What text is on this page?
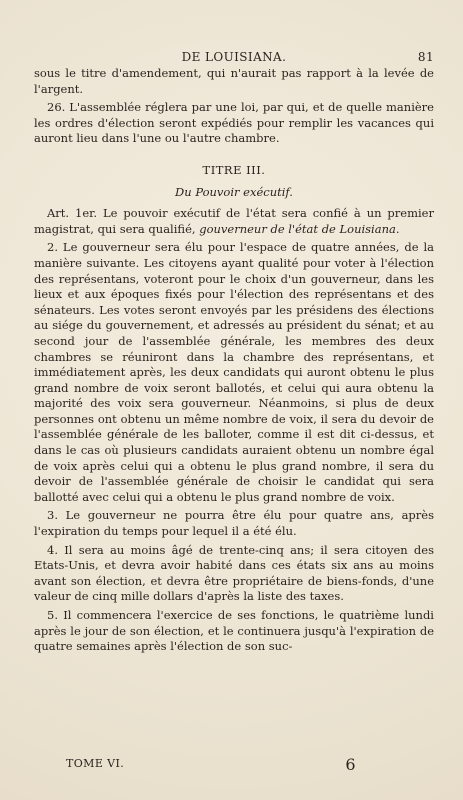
DE LOUISIANA.	81

sous le titre d'amendement, qui n'aurait pas rapport à la levée de l'argent.

26. L'assemblée réglera par une loi, par qui, et de quelle manière les ordres d'élection seront expédiés pour remplir les vacances qui auront lieu dans l'une ou l'autre chambre.

TITRE III.

Du Pouvoir exécutif.

Art. 1er. Le pouvoir exécutif de l'état sera confié à un premier magistrat, qui sera qualifié, gouverneur de l'état de Louisiana.

2. Le gouverneur sera élu pour l'espace de quatre années, de la manière suivante. Les citoyens ayant qualité pour voter à l'élection des représentans, voteront pour le choix d'un gouverneur, dans les lieux et aux époques fixés pour l'élection des représentans et des sénateurs. Les votes seront envoyés par les présidens des élections au siége du gouvernement, et adressés au président du sénat; et au second jour de l'assemblée générale, les membres des deux chambres se réuniront dans la chambre des représentans, et immédiatement après, les deux candidats qui auront obtenu le plus grand nombre de voix seront ballotés, et celui qui aura obtenu la majorité des voix sera gouverneur. Néanmoins, si plus de deux personnes ont obtenu un même nombre de voix, il sera du devoir de l'assemblée générale de les balloter, comme il est dit ci-dessus, et dans le cas où plusieurs candidats auraient obtenu un nombre égal de voix après celui qui a obtenu le plus grand nombre, il sera du devoir de l'assemblée générale de choisir le candidat qui sera ballotté avec celui qui a obtenu le plus grand nombre de voix.

3. Le gouverneur ne pourra être élu pour quatre ans, après l'expiration du temps pour lequel il a été élu.

4. Il sera au moins âgé de trente-cinq ans; il sera citoyen des Etats-Unis, et devra avoir habité dans ces états six ans au moins avant son élection, et devra être propriétaire de biens-fonds, d'une valeur de cinq mille dollars d'après la liste des taxes.

5. Il commencera l'exercice de ses fonctions, le quatrième lundi après le jour de son élection, et le continuera jusqu'à l'expiration de quatre semaines après l'élection de son suc-

TOME VI.	6
